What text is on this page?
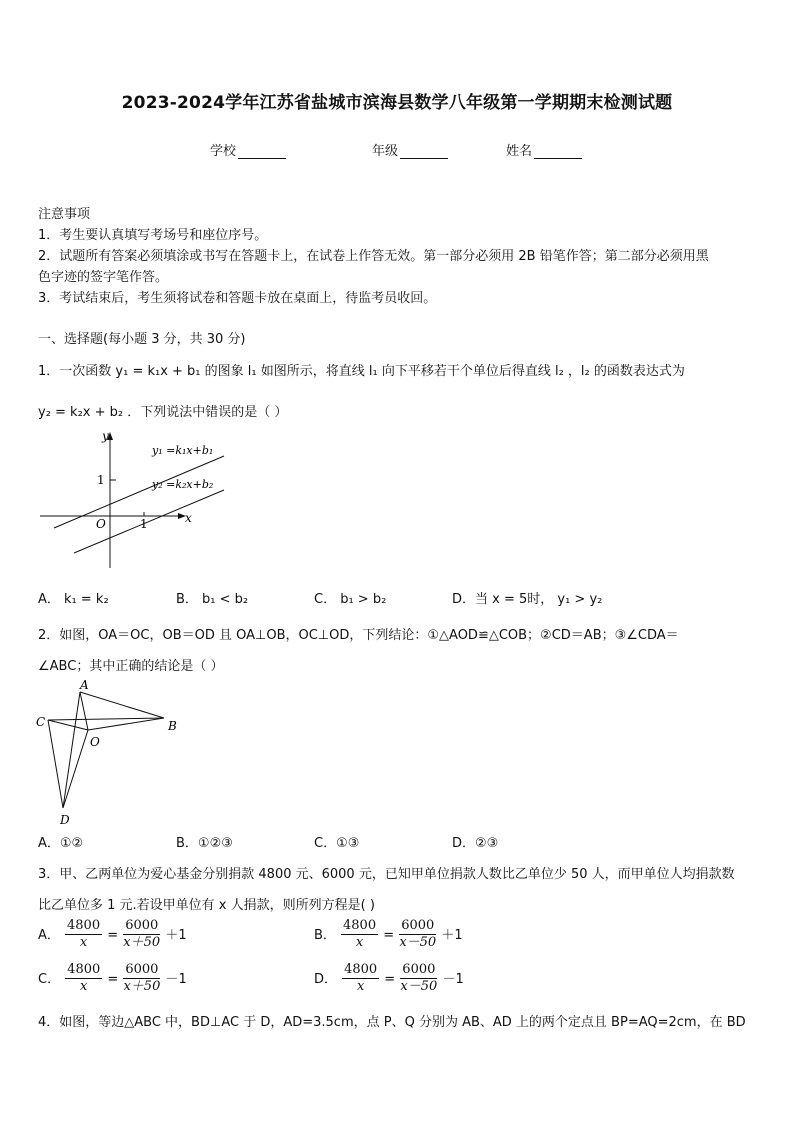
2023-2024学年江苏省盐城市滨海县数学八年级第一学期期末检测试题
学校	年级	姓名
注意事项
1．考生要认真填写考场号和座位序号。
2．试题所有答案必须填涂或书写在答题卡上，在试卷上作答无效。第一部分必须用 2B 铅笔作答；第二部分必须用黑
色字迹的签字笔作答。
3．考试结束后，考生须将试卷和答题卡放在桌面上，待监考员收回。
一、选择题(每小题 3 分，共 30 分)
1．一次函数 y₁ = k₁x + b₁ 的图象 l₁ 如图所示，将直线 l₁ 向下平移若干个单位后得直线 l₂ ，l₂ 的函数表达式为
y₂ = k₂x + b₂ ．下列说法中错误的是（ ）
y
x
O	1
1
y₁ =k₁x+b₁
y₂ =k₂x+b₂
A． k₁ = k₂	B． b₁ < b₂	C． b₁ > b₂	D．当 x = 5时， y₁ > y₂
2．如图，OA＝OC，OB＝OD 且 OA⊥OB，OC⊥OD，下列结论：①△AOD≌△COB；②CD＝AB；③∠CDA＝
∠ABC；其中正确的结论是（ ）
A
B
C
O
D
A．①②	B．①②③	C．①③	D．②③
3．甲、乙两单位为爱心基金分别捐款 4800 元、6000 元，已知甲单位捐款人数比乙单位少 50 人，而甲单位人均捐款数
比乙单位多 1 元.若设甲单位有 x 人捐款，则所列方程是( )
A． $\frac{4800}{x} = \frac{6000}{x+50} +1$	B． $\frac{4800}{x} = \frac{6000}{x-50} +1$
C． $\frac{4800}{x} = \frac{6000}{x+50} -1$	D． $\frac{4800}{x} = \frac{6000}{x-50} -1$
4．如图，等边△ABC 中，BD⊥AC 于 D，AD=3.5cm，点 P、Q 分别为 AB、AD 上的两个定点且 BP=AQ=2cm，在 BD
